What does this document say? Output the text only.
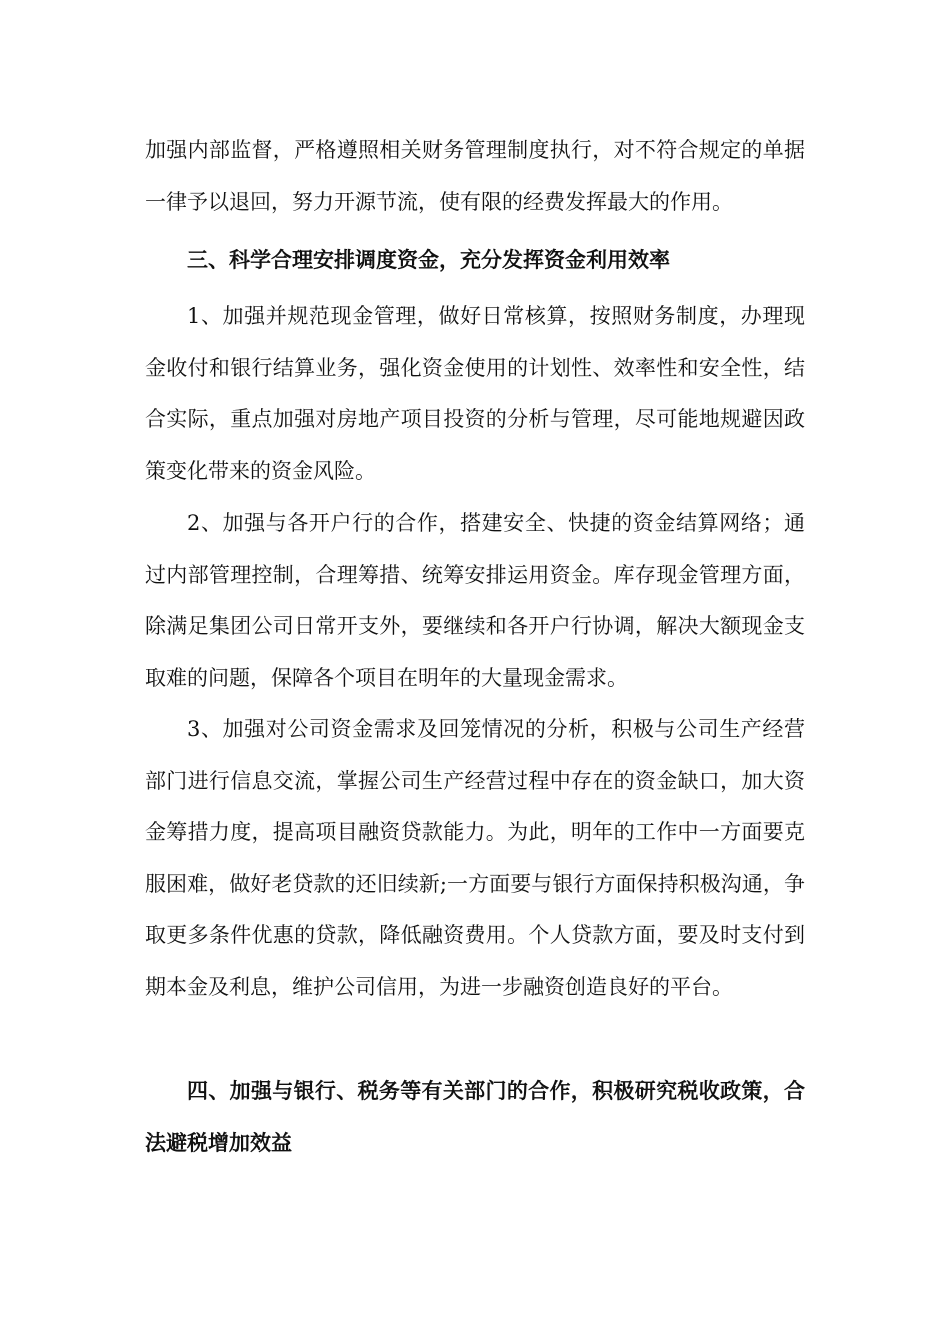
加强内部监督，严格遵照相关财务管理制度执行，对不符合规定的单据一律予以退回，努力开源节流，使有限的经费发挥最大的作用。

三、科学合理安排调度资金，充分发挥资金利用效率

1、加强并规范现金管理，做好日常核算，按照财务制度，办理现金收付和银行结算业务，强化资金使用的计划性、效率性和安全性，结合实际，重点加强对房地产项目投资的分析与管理，尽可能地规避因政策变化带来的资金风险。

2、加强与各开户行的合作，搭建安全、快捷的资金结算网络；通过内部管理控制，合理筹措、统筹安排运用资金。库存现金管理方面，除满足集团公司日常开支外，要继续和各开户行协调，解决大额现金支取难的问题，保障各个项目在明年的大量现金需求。

3、加强对公司资金需求及回笼情况的分析，积极与公司生产经营部门进行信息交流，掌握公司生产经营过程中存在的资金缺口，加大资金筹措力度，提高项目融资贷款能力。为此，明年的工作中一方面要克服困难，做好老贷款的还旧续新;一方面要与银行方面保持积极沟通，争取更多条件优惠的贷款，降低融资费用。个人贷款方面，要及时支付到期本金及利息，维护公司信用，为进一步融资创造良好的平台。

四、加强与银行、税务等有关部门的合作，积极研究税收政策，合法避税增加效益
